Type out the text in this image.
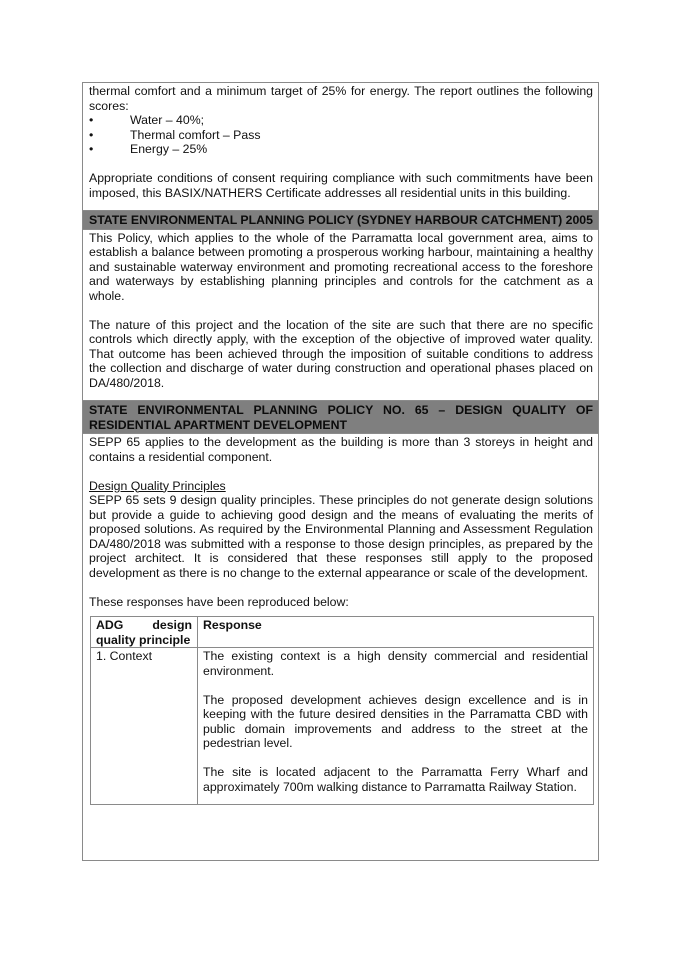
thermal comfort and a minimum target of 25% for energy. The report outlines the following scores:

•	Water – 40%;
•	Thermal comfort – Pass
•	Energy – 25%

Appropriate conditions of consent requiring compliance with such commitments have been imposed, this BASIX/NATHERS Certificate addresses all residential units in this building.

STATE ENVIRONMENTAL PLANNING POLICY (SYDNEY HARBOUR CATCHMENT) 2005

This Policy, which applies to the whole of the Parramatta local government area, aims to establish a balance between promoting a prosperous working harbour, maintaining a healthy and sustainable waterway environment and promoting recreational access to the foreshore and waterways by establishing planning principles and controls for the catchment as a whole.

The nature of this project and the location of the site are such that there are no specific controls which directly apply, with the exception of the objective of improved water quality. That outcome has been achieved through the imposition of suitable conditions to address the collection and discharge of water during construction and operational phases placed on DA/480/2018.

STATE ENVIRONMENTAL PLANNING POLICY NO. 65 – DESIGN QUALITY OF RESIDENTIAL APARTMENT DEVELOPMENT

SEPP 65 applies to the development as the building is more than 3 storeys in height and contains a residential component.

Design Quality Principles

SEPP 65 sets 9 design quality principles. These principles do not generate design solutions but provide a guide to achieving good design and the means of evaluating the merits of proposed solutions. As required by the Environmental Planning and Assessment Regulation DA/480/2018 was submitted with a response to those design principles, as prepared by the project architect. It is considered that these responses still apply to the proposed development as there is no change to the external appearance or scale of the development.

These responses have been reproduced below:

ADG design quality principle	Response
1. Context	The existing context is a high density commercial and residential environment.

The proposed development achieves design excellence and is in keeping with the future desired densities in the Parramatta CBD with public domain improvements and address to the street at the pedestrian level.

The site is located adjacent to the Parramatta Ferry Wharf and approximately 700m walking distance to Parramatta Railway Station.
